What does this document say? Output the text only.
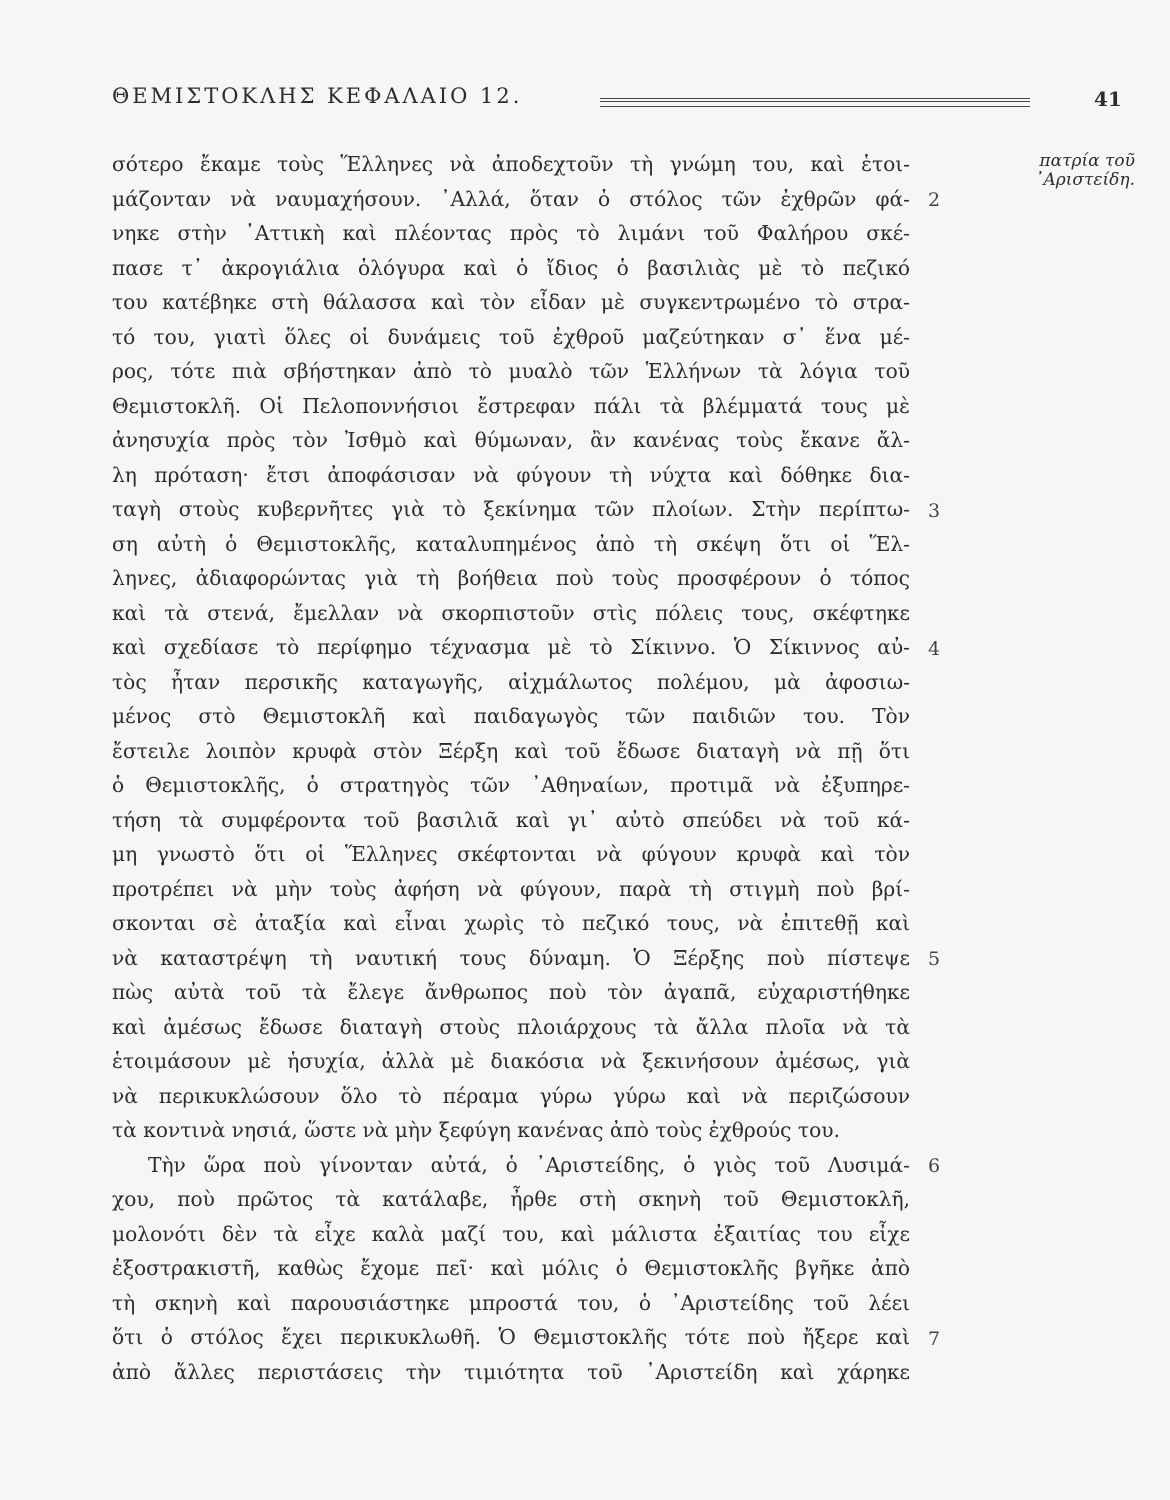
ΘΕΜΙΣΤΟΚΛΗΣ ΚΕΦΑΛΑΙΟ 12.	41
πατρία τοῦ
᾿Αριστείδη.
2
3
4
5
6
7
σότερο ἔκαμε τοὺς Ἕλληνες νὰ ἀποδεχτοῦν τὴ γνώμη του, καὶ ἑτοι-
μάζονταν νὰ ναυμαχήσουν. ᾿Αλλά, ὅταν ὁ στόλος τῶν ἐχθρῶν φά-
νηκε στὴν ᾿Αττικὴ καὶ πλέοντας πρὸς τὸ λιμάνι τοῦ Φαλήρου σκέ-
πασε τ᾿ ἀκρογιάλια ὁλόγυρα καὶ ὁ ἴδιος ὁ βασιλιὰς μὲ τὸ πεζικό
του κατέβηκε στὴ θάλασσα καὶ τὸν εἶδαν μὲ συγκεντρωμένο τὸ στρα-
τό του, γιατὶ ὅλες οἱ δυνάμεις τοῦ ἐχθροῦ μαζεύτηκαν σ᾿ ἕνα μέ-
ρος, τότε πιὰ σβήστηκαν ἀπὸ τὸ μυαλὸ τῶν Ἑλλήνων τὰ λόγια τοῦ
Θεμιστοκλῆ. Οἱ Πελοποννήσιοι ἔστρεφαν πάλι τὰ βλέμματά τους μὲ
ἀνησυχία πρὸς τὸν Ἰσθμὸ καὶ θύμωναν, ἂν κανένας τοὺς ἔκανε ἄλ-
λη πρόταση· ἔτσι ἀποφάσισαν νὰ φύγουν τὴ νύχτα καὶ δόθηκε δια-
ταγὴ στοὺς κυβερνῆτες γιὰ τὸ ξεκίνημα τῶν πλοίων. Στὴν περίπτω-
ση αὐτὴ ὁ Θεμιστοκλῆς, καταλυπημένος ἀπὸ τὴ σκέψη ὅτι οἱ Ἕλ-
ληνες, ἀδιαφορώντας γιὰ τὴ βοήθεια ποὺ τοὺς προσφέρουν ὁ τόπος
καὶ τὰ στενά, ἔμελλαν νὰ σκορπιστοῦν στὶς πόλεις τους, σκέφτηκε
καὶ σχεδίασε τὸ περίφημο τέχνασμα μὲ τὸ Σίκιννο. Ὁ Σίκιννος αὐ-
τὸς ἦταν περσικῆς καταγωγῆς, αἰχμάλωτος πολέμου, μὰ ἀφοσιω-
μένος στὸ Θεμιστοκλῆ καὶ παιδαγωγὸς τῶν παιδιῶν του. Τὸν
ἔστειλε λοιπὸν κρυφὰ στὸν Ξέρξη καὶ τοῦ ἔδωσε διαταγὴ νὰ πῇ ὅτι
ὁ Θεμιστοκλῆς, ὁ στρατηγὸς τῶν ᾿Αθηναίων, προτιμᾶ νὰ ἐξυπηρε-
τήση τὰ συμφέροντα τοῦ βασιλιᾶ καὶ γι᾿ αὐτὸ σπεύδει νὰ τοῦ κά-
μη γνωστὸ ὅτι οἱ Ἕλληνες σκέφτονται νὰ φύγουν κρυφὰ καὶ τὸν
προτρέπει νὰ μὴν τοὺς ἀφήση νὰ φύγουν, παρὰ τὴ στιγμὴ ποὺ βρί-
σκονται σὲ ἀταξία καὶ εἶναι χωρὶς τὸ πεζικό τους, νὰ ἐπιτεθῇ καὶ
νὰ καταστρέψη τὴ ναυτική τους δύναμη. Ὁ Ξέρξης ποὺ πίστεψε
πὼς αὐτὰ τοῦ τὰ ἔλεγε ἄνθρωπος ποὺ τὸν ἀγαπᾶ, εὐχαριστήθηκε
καὶ ἀμέσως ἔδωσε διαταγὴ στοὺς πλοιάρχους τὰ ἄλλα πλοῖα νὰ τὰ
ἑτοιμάσουν μὲ ἡσυχία, ἀλλὰ μὲ διακόσια νὰ ξεκινήσουν ἀμέσως, γιὰ
νὰ περικυκλώσουν ὅλο τὸ πέραμα γύρω γύρω καὶ νὰ περιζώσουν
τὰ κοντινὰ νησιά, ὥστε νὰ μὴν ξεφύγη κανένας ἀπὸ τοὺς ἐχθρούς του.
Τὴν ὥρα ποὺ γίνονταν αὐτά, ὁ ᾿Αριστείδης, ὁ γιὸς τοῦ Λυσιμά-
χου, ποὺ πρῶτος τὰ κατάλαβε, ἦρθε στὴ σκηνὴ τοῦ Θεμιστοκλῆ,
μολονότι δὲν τὰ εἶχε καλὰ μαζί του, καὶ μάλιστα ἐξαιτίας του εἶχε
ἐξοστρακιστῆ, καθὼς ἔχομε πεῖ· καὶ μόλις ὁ Θεμιστοκλῆς βγῆκε ἀπὸ
τὴ σκηνὴ καὶ παρουσιάστηκε μπροστά του, ὁ ᾿Αριστείδης τοῦ λέει
ὅτι ὁ στόλος ἔχει περικυκλωθῆ. Ὁ Θεμιστοκλῆς τότε ποὺ ἤξερε καὶ
ἀπὸ ἄλλες περιστάσεις τὴν τιμιότητα τοῦ ᾿Αριστείδη καὶ χάρηκε
